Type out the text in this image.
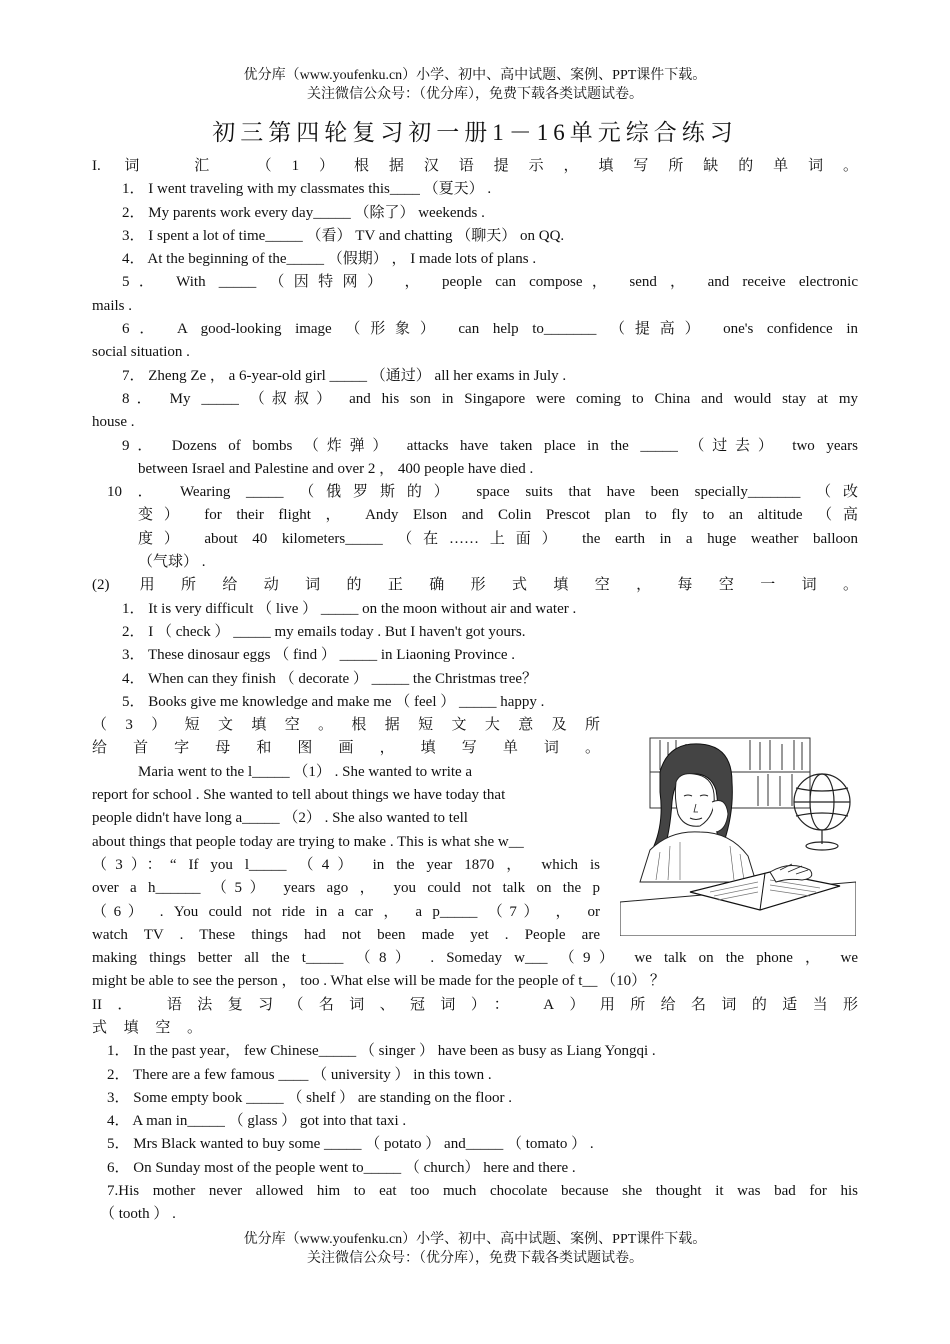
优分库（www.youfenku.cn）小学、初中、高中试题、案例、PPT课件下载。
关注微信公众号：（优分库），免费下载各类试题试卷。
初三第四轮复习初一册1－16单元综合练习
I. 词　汇　（1）根据汉语提示，填写所缺的单词。
1． I went traveling with my classmates this____ （夏天） .
2． My parents work every day_____ （除了） weekends .
3． I spent a lot of time_____ （看） TV and chatting （聊天） on QQ.
4． At the beginning of the_____ （假期） ， I made lots of plans .
5． With _____ （因特网） ， people can compose， send ， and receive electronic
mails .
6． A good-looking image （形象） can help to_______ （提高） one's confidence in
social situation .
7． Zheng Ze ， a 6-year-old girl _____ （通过） all her exams in July .
8． My _____ （叔叔） and his son in Singapore were coming to China and would stay at my
house .
9． Dozens of bombs （炸弹） attacks have taken place in the _____ （过去） two years
between Israel and Palestine and over 2 ， 400 people have died .
10 ． Wearing _____ （俄罗斯的） space suits that have been specially_______ （改
变） for their flight ， Andy Elson and Colin Prescot plan to fly to an altitude （高
度） about 40 kilometers_____ （在……上面） the earth in a huge weather balloon
（气球） .
(2) 用所给动词的正确形式填空，每空一词。
1． It is very difficult （ live ） _____ on the moon without air and water .
2． I （ check ） _____ my emails today . But I haven't got yours.
3． These dinosaur eggs （ find ） _____ in Liaoning Province .
4． When can they finish （ decorate ） _____ the Christmas tree？
5． Books give me knowledge and make me （ feel ） _____ happy .
（3）短文填空。根据短文大意及所
给首字母和图画，填写单词。
Maria went to the l_____ （1） . She wanted to write a
report for school . She wanted to tell about things we have today that
people didn't have long a_____ （2） . She also wanted to tell
about things that people today are trying to make . This is what she w__
（3）：“ If you l_____ （4） in the year 1870 ， which is
over a h______ （5） years ago ， you could not talk on the p
（6） . You could not ride in a car ， a p_____ （7） ， or
watch TV . These things had not been made yet . People are
making things better all the t_____ （8） . Someday w___ （9） we talk on the phone ， we
might be able to see the person ， too . What else will be made for the people of t__ （10） ？
II． 语法复习（名词、冠词）： A）用所给名词的适当形
式填空。
1． In the past year， few Chinese_____ （ singer ） have been as busy as Liang Yongqi .
2． There are a few famous ____ （ university ） in this town .
3． Some empty book _____ （ shelf ） are standing on the floor .
4． A man in_____ （ glass ） got into that taxi .
5． Mrs Black wanted to buy some _____ （ potato ） and_____ （ tomato ） .
6． On Sunday most of the people went to_____ （ church） here and there .
7.His mother never allowed him to eat too much chocolate because she thought it was bad for his
（ tooth ） .
优分库（www.youfenku.cn）小学、初中、高中试题、案例、PPT课件下载。
关注微信公众号：（优分库），免费下载各类试题试卷。
